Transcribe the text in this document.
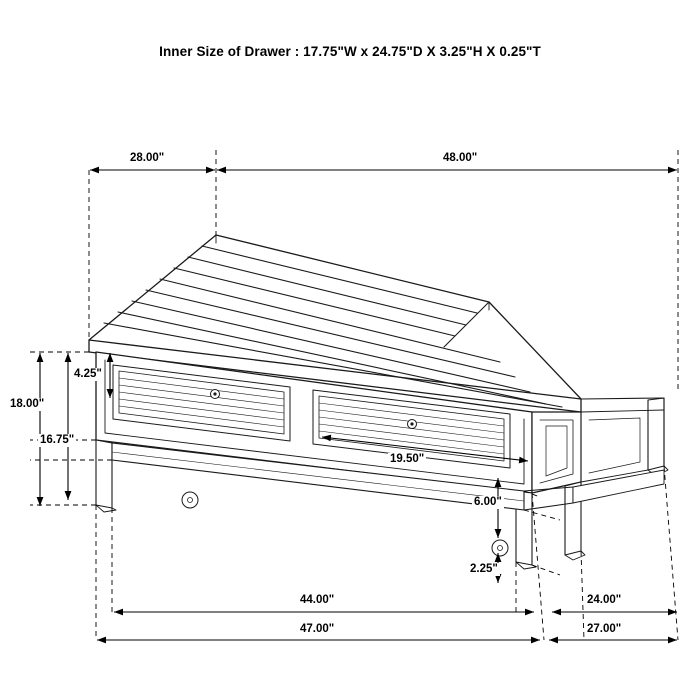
Inner Size of Drawer : 17.75"W x 24.75"D X 3.25"H X 0.25"T
28.00"	48.00"
4.25"
18.00"
16.75"
19.50"
6.00"
2.25"
44.00"	24.00"
47.00"	27.00"
